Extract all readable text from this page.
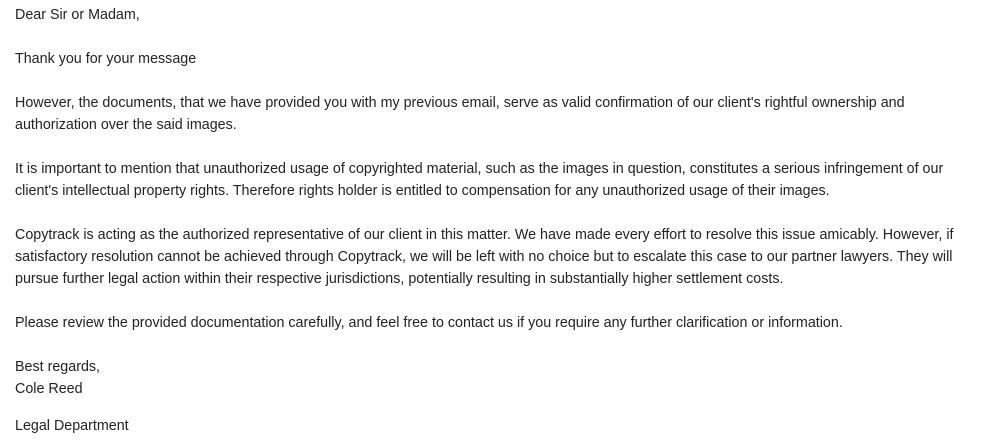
Dear Sir or Madam,

Thank you for your message

However, the documents, that we have provided you with my previous email, serve as valid confirmation of our client's rightful ownership and authorization over the said images.

It is important to mention that unauthorized usage of copyrighted material, such as the images in question, constitutes a serious infringement of our client's intellectual property rights. Therefore rights holder is entitled to compensation for any unauthorized usage of their images.

Copytrack is acting as the authorized representative of our client in this matter. We have made every effort to resolve this issue amicably. However, if satisfactory resolution cannot be achieved through Copytrack, we will be left with no choice but to escalate this case to our partner lawyers. They will pursue further legal action within their respective jurisdictions, potentially resulting in substantially higher settlement costs.

Please review the provided documentation carefully, and feel free to contact us if you require any further clarification or information.

Best regards,

Cole Reed

Legal Department
